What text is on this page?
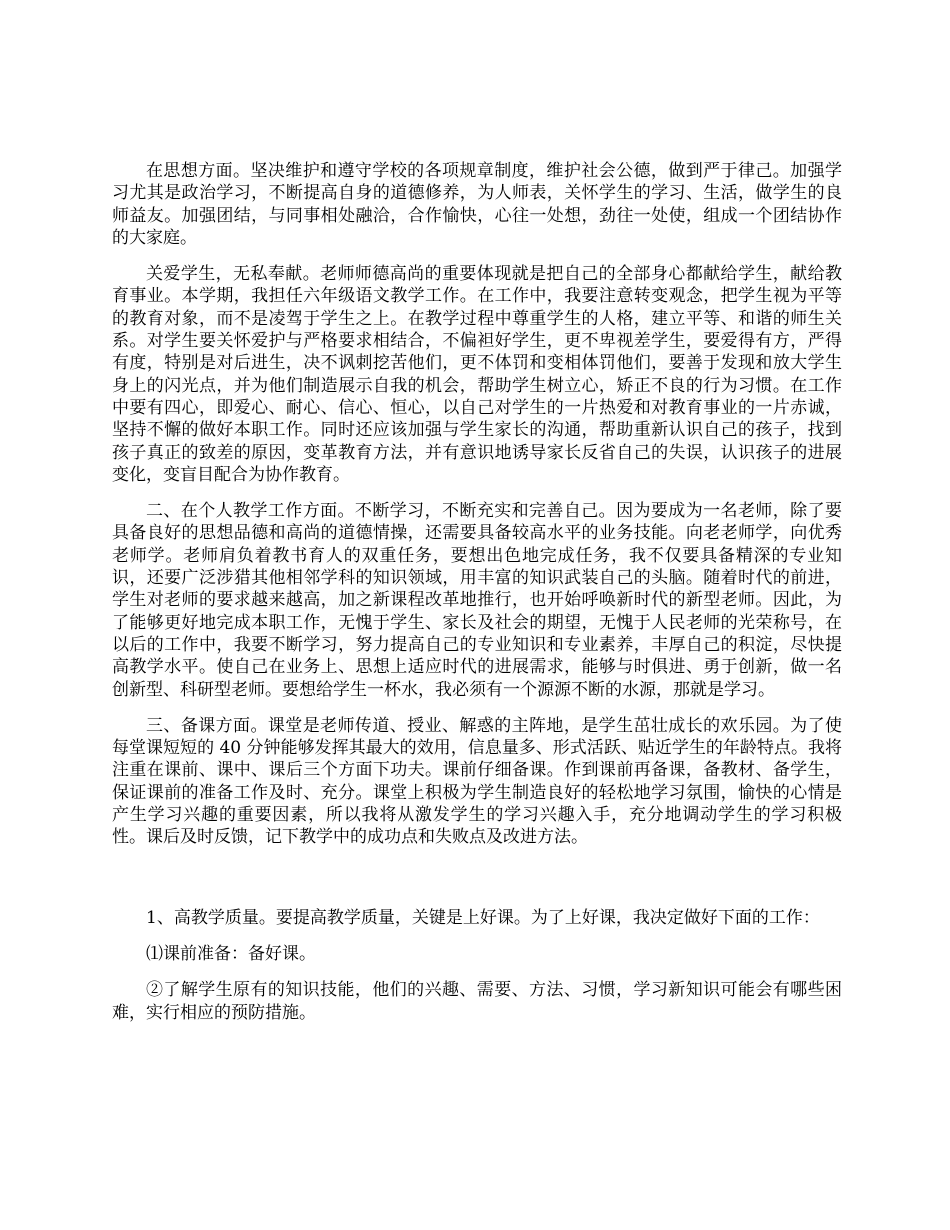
在思想方面。坚决维护和遵守学校的各项规章制度，维护社会公德，做到严于律己。加强学习尤其是政治学习，不断提高自身的道德修养，为人师表，关怀学生的学习、生活，做学生的良师益友。加强团结，与同事相处融洽，合作愉快，心往一处想，劲往一处使，组成一个团结协作的大家庭。

关爱学生，无私奉献。老师师德高尚的重要体现就是把自己的全部身心都献给学生，献给教育事业。本学期，我担任六年级语文教学工作。在工作中，我要注意转变观念，把学生视为平等的教育对象，而不是凌驾于学生之上。在教学过程中尊重学生的人格，建立平等、和谐的师生关系。对学生要关怀爱护与严格要求相结合，不偏袒好学生，更不卑视差学生，要爱得有方，严得有度，特别是对后进生，决不讽刺挖苦他们，更不体罚和变相体罚他们，要善于发现和放大学生身上的闪光点，并为他们制造展示自我的机会，帮助学生树立心，矫正不良的行为习惯。在工作中要有四心，即爱心、耐心、信心、恒心，以自己对学生的一片热爱和对教育事业的一片赤诚，坚持不懈的做好本职工作。同时还应该加强与学生家长的沟通，帮助重新认识自己的孩子，找到孩子真正的致差的原因，变革教育方法，并有意识地诱导家长反省自己的失误，认识孩子的进展变化，变盲目配合为协作教育。

二、在个人教学工作方面。不断学习，不断充实和完善自己。因为要成为一名老师，除了要具备良好的思想品德和高尚的道德情操，还需要具备较高水平的业务技能。向老老师学，向优秀老师学。老师肩负着教书育人的双重任务，要想出色地完成任务，我不仅要具备精深的专业知识，还要广泛涉猎其他相邻学科的知识领域，用丰富的知识武装自己的头脑。随着时代的前进，学生对老师的要求越来越高，加之新课程改革地推行，也开始呼唤新时代的新型老师。因此，为了能够更好地完成本职工作，无愧于学生、家长及社会的期望，无愧于人民老师的光荣称号，在以后的工作中，我要不断学习，努力提高自己的专业知识和专业素养，丰厚自己的积淀，尽快提高教学水平。使自己在业务上、思想上适应时代的进展需求，能够与时俱进、勇于创新，做一名创新型、科研型老师。要想给学生一杯水，我必须有一个源源不断的水源，那就是学习。

三、备课方面。课堂是老师传道、授业、解惑的主阵地，是学生茁壮成长的欢乐园。为了使每堂课短短的 40 分钟能够发挥其最大的效用，信息量多、形式活跃、贴近学生的年龄特点。我将注重在课前、课中、课后三个方面下功夫。课前仔细备课。作到课前再备课，备教材、备学生，保证课前的准备工作及时、充分。课堂上积极为学生制造良好的轻松地学习氛围，愉快的心情是产生学习兴趣的重要因素，所以我将从激发学生的学习兴趣入手，充分地调动学生的学习积极性。课后及时反馈，记下教学中的成功点和失败点及改进方法。

1、高教学质量。要提高教学质量，关键是上好课。为了上好课，我决定做好下面的工作：

⑴课前准备：备好课。

②了解学生原有的知识技能，他们的兴趣、需要、方法、习惯，学习新知识可能会有哪些困难，实行相应的预防措施。
